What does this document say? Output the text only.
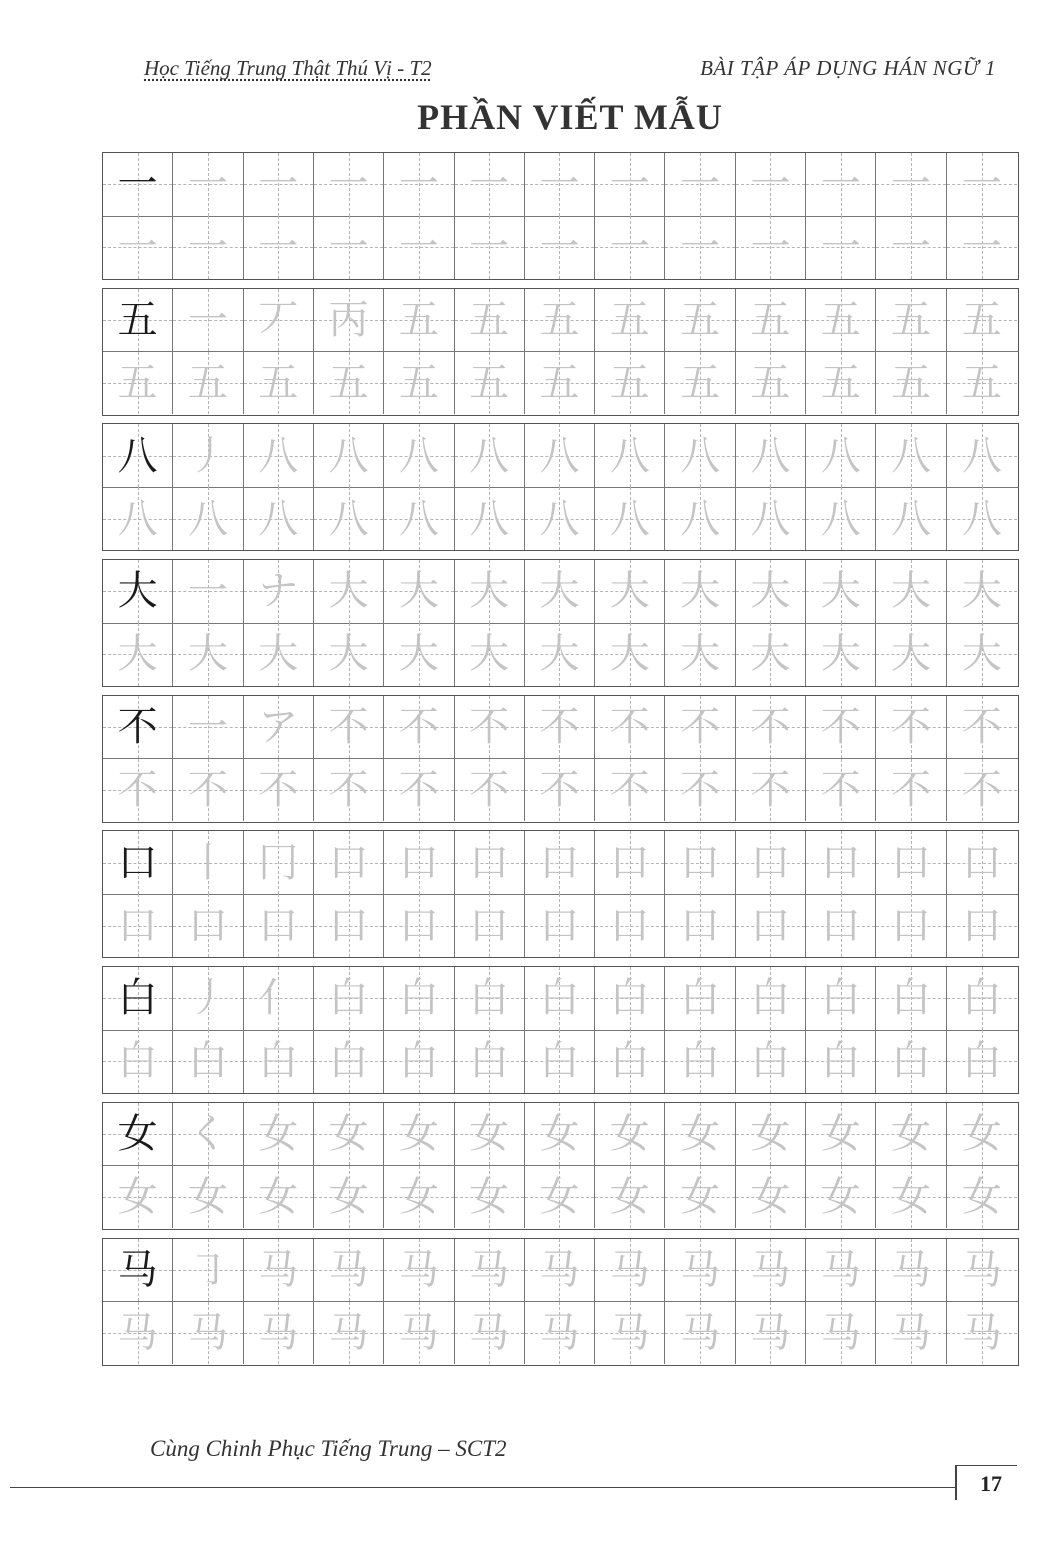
Học Tiếng Trung Thật Thú Vị - T2	BÀI TẬP ÁP DỤNG HÁN NGỮ 1
PHẦN VIẾT MẪU
一 一 一 一 一 一 一 一 一 一 一 一 一
一 一 一 一 一 一 一 一 一 一 一 一 一
五 一 丆 丙 五 五 五 五 五 五 五 五 五
五 五 五 五 五 五 五 五 五 五 五 五 五
八 丿 八 八 八 八 八 八 八 八 八 八 八
八 八 八 八 八 八 八 八 八 八 八 八 八
大 一 ナ 大 大 大 大 大 大 大 大 大 大
大 大 大 大 大 大 大 大 大 大 大 大 大
不 一 ア 不 不 不 不 不 不 不 不 不 不
不 不 不 不 不 不 不 不 不 不 不 不 不
口 丨 冂 口 口 口 口 口 口 口 口 口 口
口 口 口 口 口 口 口 口 口 口 口 口 口
白 丿 亻 白 白 白 白 白 白 白 白 白 白
白 白 白 白 白 白 白 白 白 白 白 白 白
女 く 女 女 女 女 女 女 女 女 女 女 女
女 女 女 女 女 女 女 女 女 女 女 女 女
马 ㇆ 马 马 马 马 马 马 马 马 马 马 马
马 马 马 马 马 马 马 马 马 马 马 马 马
Cùng Chinh Phục Tiếng Trung – SCT2
17
